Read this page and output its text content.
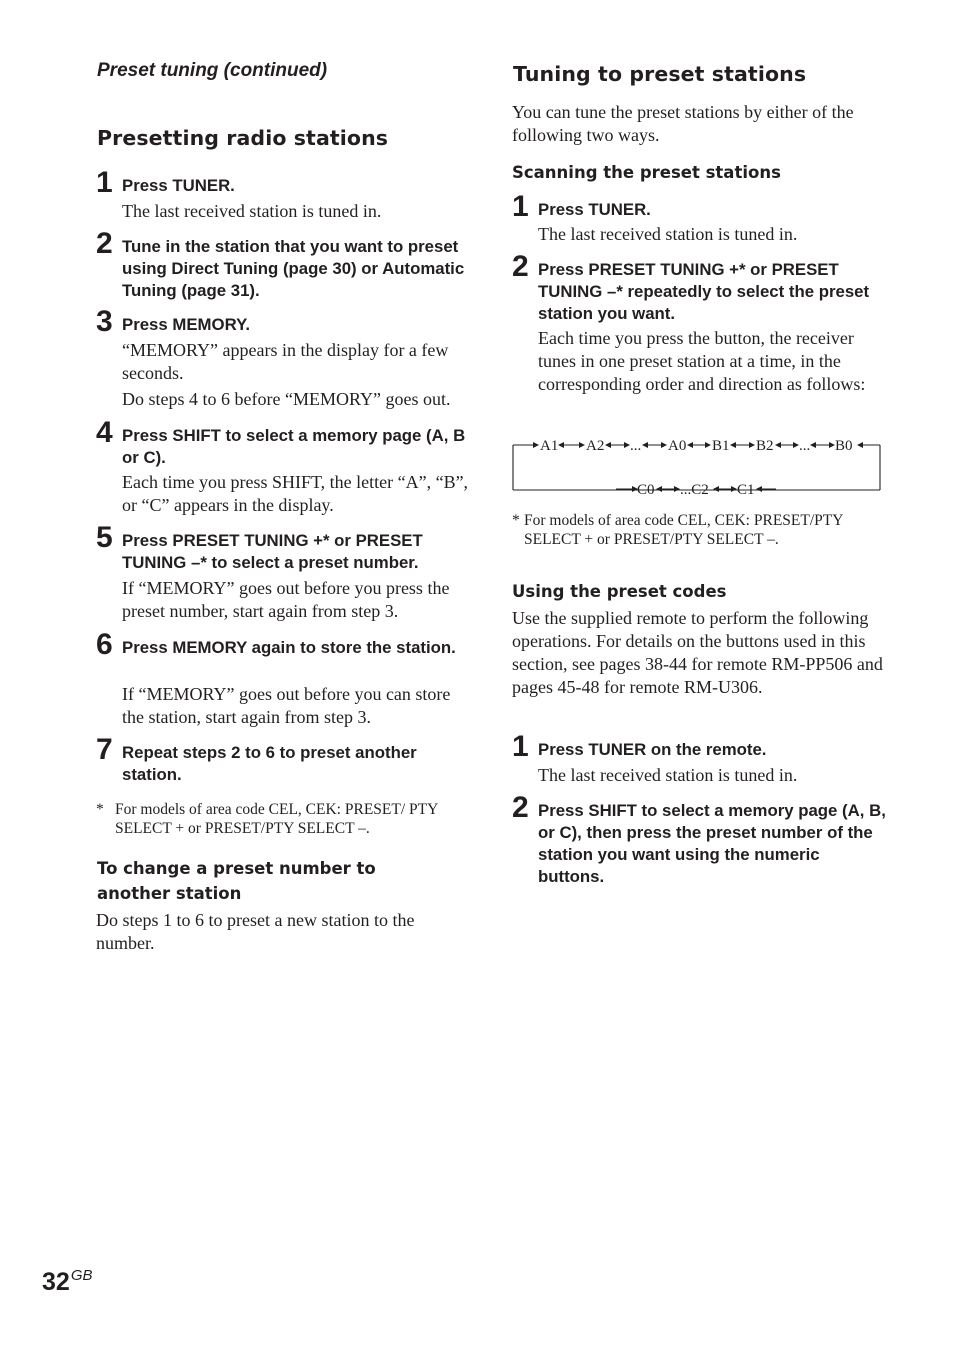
Preset tuning (continued)

Presetting radio stations
1 Press TUNER.

The last received station is tuned in.

2 Tune in the station that you want to preset using Direct Tuning (page 30) or Automatic Tuning (page 31).

3 Press MEMORY.

“MEMORY” appears in the display for a few seconds.

Do steps 4 to 6 before “MEMORY” goes out.

4 Press SHIFT to select a memory page (A, B or C).

Each time you press SHIFT, the letter “A”, “B”, or “C” appears in the display.

5 Press PRESET TUNING +* or PRESET TUNING –* to select a preset number.

If “MEMORY” goes out before you press the preset number, start again from step 3.

6 Press MEMORY again to store the station.

If “MEMORY” goes out before you can store the station, start again from step 3.

7 Repeat steps 2 to 6 to preset another station.

* For models of area code CEL, CEK: PRESET/ PTY SELECT + or PRESET/PTY SELECT –.

To change a preset number to another station

Do steps 1 to 6 to preset a new station to the number.

Tuning to preset stations

You can tune the preset stations by either of the following two ways.

Scanning the preset stations
1 Press TUNER.

The last received station is tuned in.

2 Press PRESET TUNING +* or PRESET TUNING –* repeatedly to select the preset station you want.

Each time you press the button, the receiver tunes in one preset station at a time, in the corresponding order and direction as follows:

A1 A2 ... A0 B1 B2 ... B0
C0 ...C2 C1

* For models of area code CEL, CEK: PRESET/PTY SELECT + or PRESET/PTY SELECT –.

Using the preset codes

Use the supplied remote to perform the following operations. For details on the buttons used in this section, see pages 38-44 for remote RM-PP506 and pages 45-48 for remote RM-U306.

1 Press TUNER on the remote.

The last received station is tuned in.

2 Press SHIFT to select a memory page (A, B, or C), then press the preset number of the station you want using the numeric buttons.

$32^{GB}$
